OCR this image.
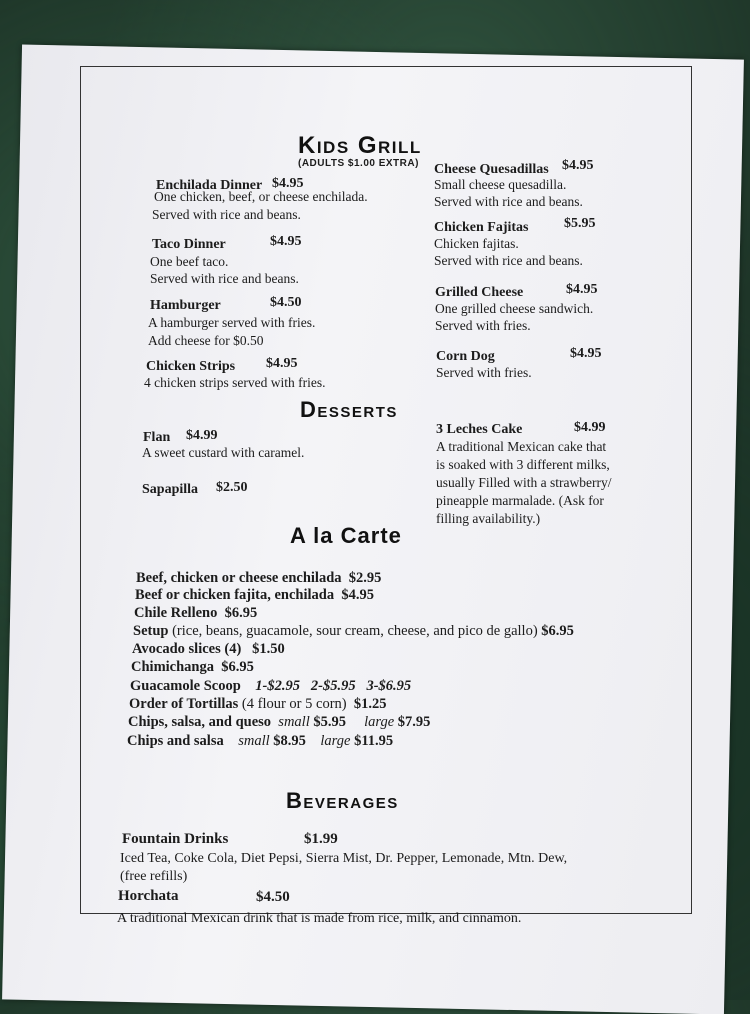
Kids Grill
(ADULTS $1.00 EXTRA)
Enchilada Dinner $4.95
One chicken, beef, or cheese enchilada.
Served with rice and beans.
Taco Dinner	$4.95
One beef taco.
Served with rice and beans.
Hamburger	$4.50
A hamburger served with fries.
Add cheese for $0.50
Chicken Strips $4.95
4 chicken strips served with fries.
Cheese Quesadillas $4.95
Small cheese quesadilla.
Served with rice and beans.
Chicken Fajitas	$5.95
Chicken fajitas.
Served with rice and beans.
Grilled Cheese	$4.95
One grilled cheese sandwich.
Served with fries.
Corn Dog	$4.95
Served with fries.
Desserts
Flan $4.99
A sweet custard with caramel.
Sapapilla $2.50
3 Leches Cake	$4.99
A traditional Mexican cake that
is soaked with 3 different milks,
usually Filled with a strawberry/
pineapple marmalade. (Ask for
filling availability.)
A la Carte
Beef, chicken or cheese enchilada $2.95
Beef or chicken fajita, enchilada $4.95
Chile Relleno $6.95
Setup (rice, beans, guacamole, sour cream, cheese, and pico de gallo) $6.95
Avocado slices (4) $1.50
Chimichanga $6.95
Guacamole Scoop 1-$2.95 2-$5.95 3-$6.95
Order of Tortillas (4 flour or 5 corn) $1.25
Chips, salsa, and queso small $5.95 large $7.95
Chips and salsa small $8.95 large $11.95
Beverages
Fountain Drinks	$1.99
Iced Tea, Coke Cola, Diet Pepsi, Sierra Mist, Dr. Pepper, Lemonade, Mtn. Dew,
(free refills)
Horchata	$4.50
A traditional Mexican drink that is made from rice, milk, and cinnamon.
